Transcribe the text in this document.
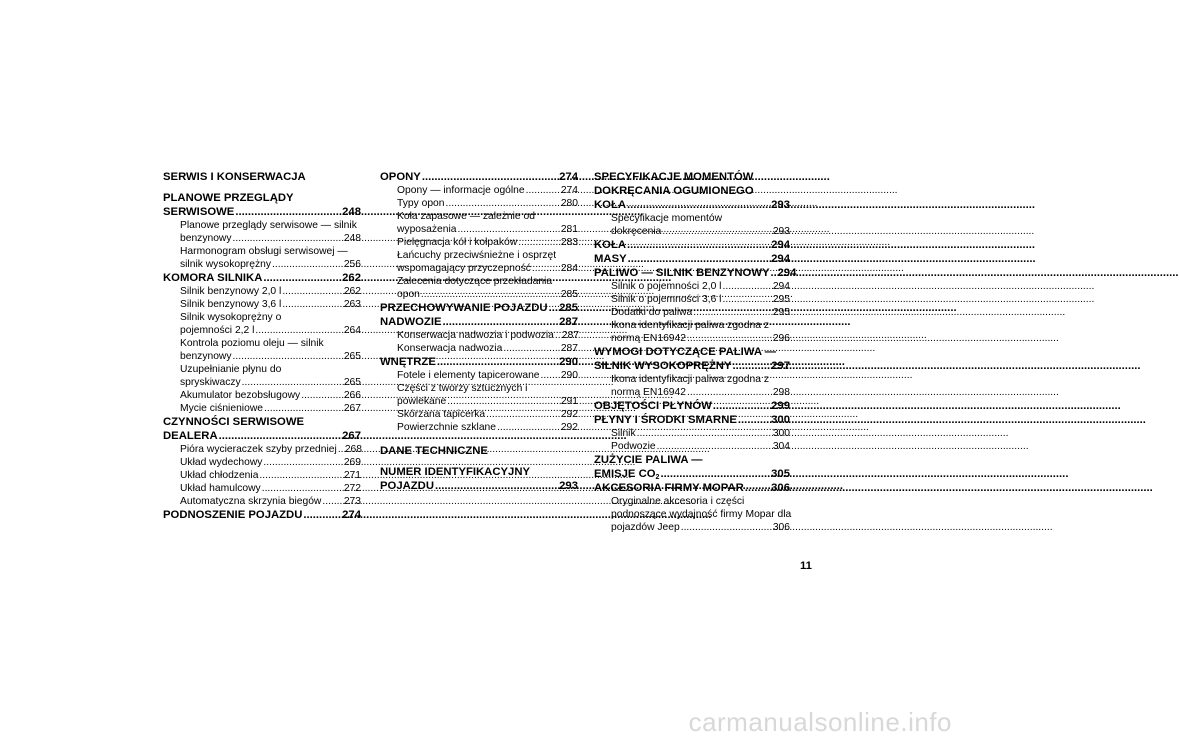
SERWIS I KONSERWACJA
PLANOWE PRZEGLĄDY
SERWISOWE .....	248
Planowe przeglądy serwisowe — silnik
benzynowy .....	248
Harmonogram obsługi serwisowej —
silnik wysokoprężny .....	256
KOMORA SILNIKA .....	262
Silnik benzynowy 2,0 l .....	262
Silnik benzynowy 3,6 l .....	263
Silnik wysokoprężny o
pojemności 2,2 l .....	264
Kontrola poziomu oleju — silnik
benzynowy .....	265
Uzupełnianie płynu do
spryskiwaczy .....	265
Akumulator bezobsługowy .....	266
Mycie ciśnieniowe .....	267
CZYNNOŚCI SERWISOWE
DEALERA .....	267
Pióra wycieraczek szyby przedniej ..... 268
Układ wydechowy .....	269
Układ chłodzenia .....	271
Układ hamulcowy .....	272
Automatyczna skrzynia biegów ..... 273
PODNOSZENIE POJAZDU .....	274
OPONY .....	274
Opony — informacje ogólne .....	274
Typy opon .....	280
Koła zapasowe — zależnie od
wyposażenia .....	281
Pielęgnacja kół i kołpaków .....	283
Łańcuchy przeciwśnieżne i osprzęt
wspomagający przyczepność .....	284
Zalecenia dotyczące przekładania
opon .....	285
PRZECHOWYWANIE POJAZDU ..... 285
NADWOZIE .....	287
Konserwacja nadwozia i podwozia ..... 287
Konserwacja nadwozia .....	287
WNĘTRZE .....	290
Fotele i elementy tapicerowane ..... 290
Części z tworzy sztucznych i
powlekane .....	291
Skórzana tapicerka .....	292
Powierzchnie szklane .....	292
DANE TECHNICZNE
NUMER IDENTYFIKACYJNY
POJAZDU .....	293
SPECYFIKACJE MOMENTÓW
DOKRĘCANIA OGUMIONEGO
KOŁA .....	293
Specyfikacje momentów
dokręcenia .....	293
KOŁA .....	294
MASY .....	294
PALIWO — SILNIK BENZYNOWY ..... 294
Silnik o pojemności 2,0 l .....	294
Silnik o pojemności 3,6 l .....	295
Dodatki do paliwa .....	295
Ikona identyfikacji paliwa zgodna z
normą EN16942 .....	296
WYMOGI DOTYCZĄCE PALIWA —
SILNIK WYSOKOPRĘŻNY .....	297
Ikona identyfikacji paliwa zgodna z
normą EN16942 .....	298
OBJĘTOŚCI PŁYNÓW .....	299
PŁYNY I ŚRODKI SMARNE .....	300
Silnik .....	300
Podwozie .....	304
ZUŻYCIE PALIWA —
EMISJE $CO_2$ .....	305
AKCESORIA FIRMY MOPAR ..... 306
Oryginalne akcesoria i części
podnoszące wydajność firmy Mopar dla
pojazdów Jeep .....	306
11
carmanualsonline.info
